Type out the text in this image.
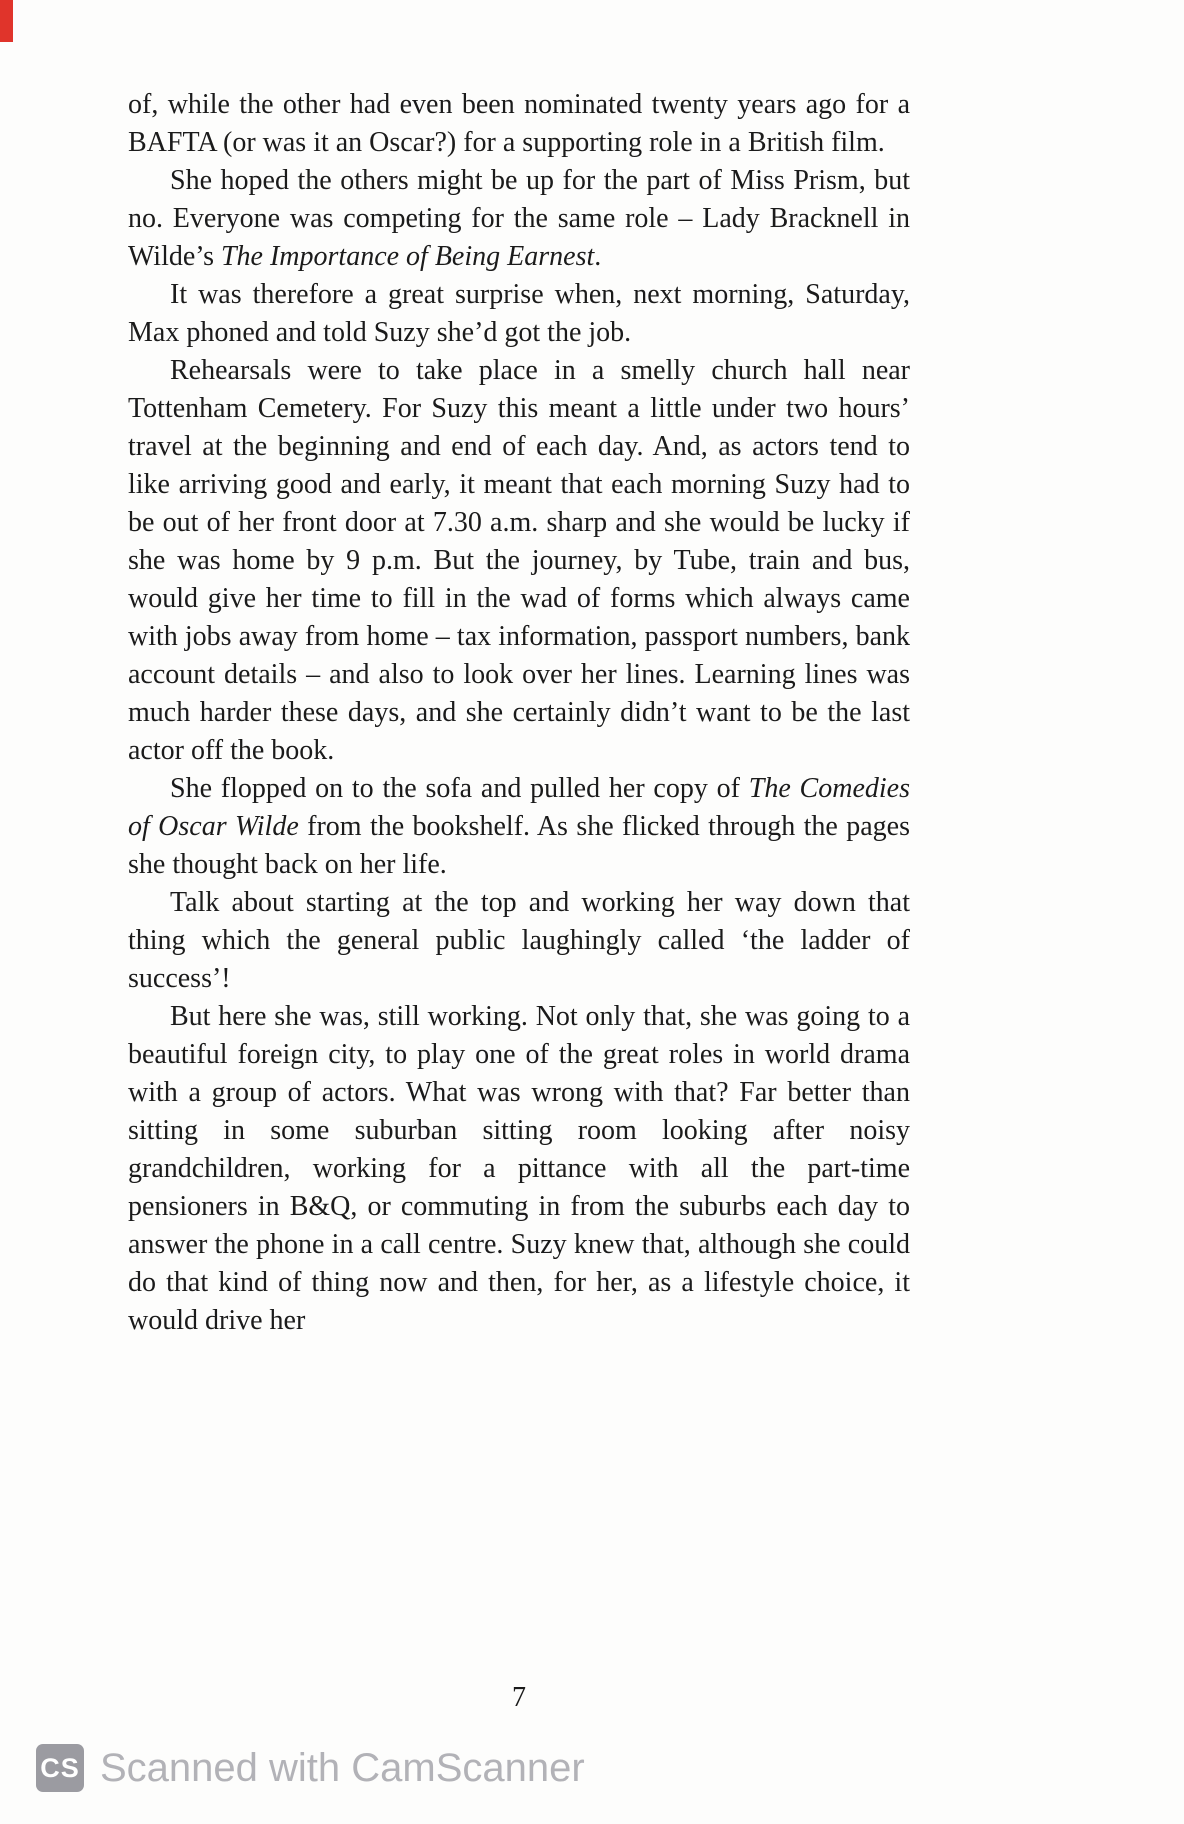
of, while the other had even been nominated twenty years ago for a BAFTA (or was it an Oscar?) for a supporting role in a British film.

She hoped the others might be up for the part of Miss Prism, but no. Everyone was competing for the same role – Lady Bracknell in Wilde’s The Importance of Being Earnest.

It was therefore a great surprise when, next morning, Saturday, Max phoned and told Suzy she’d got the job.

Rehearsals were to take place in a smelly church hall near Tottenham Cemetery. For Suzy this meant a little under two hours’ travel at the beginning and end of each day. And, as actors tend to like arriving good and early, it meant that each morning Suzy had to be out of her front door at 7.30 a.m. sharp and she would be lucky if she was home by 9 p.m. But the journey, by Tube, train and bus, would give her time to fill in the wad of forms which always came with jobs away from home – tax information, passport numbers, bank account details – and also to look over her lines. Learning lines was much harder these days, and she certainly didn’t want to be the last actor off the book.

She flopped on to the sofa and pulled her copy of The Comedies of Oscar Wilde from the bookshelf. As she flicked through the pages she thought back on her life.

Talk about starting at the top and working her way down that thing which the general public laughingly called ‘the ladder of success’!

But here she was, still working. Not only that, she was going to a beautiful foreign city, to play one of the great roles in world drama with a group of actors. What was wrong with that? Far better than sitting in some suburban sitting room looking after noisy grandchildren, working for a pittance with all the part-time pensioners in B&Q, or commuting in from the suburbs each day to answer the phone in a call centre. Suzy knew that, although she could do that kind of thing now and then, for her, as a lifestyle choice, it would drive her

7
CS Scanned with CamScanner
